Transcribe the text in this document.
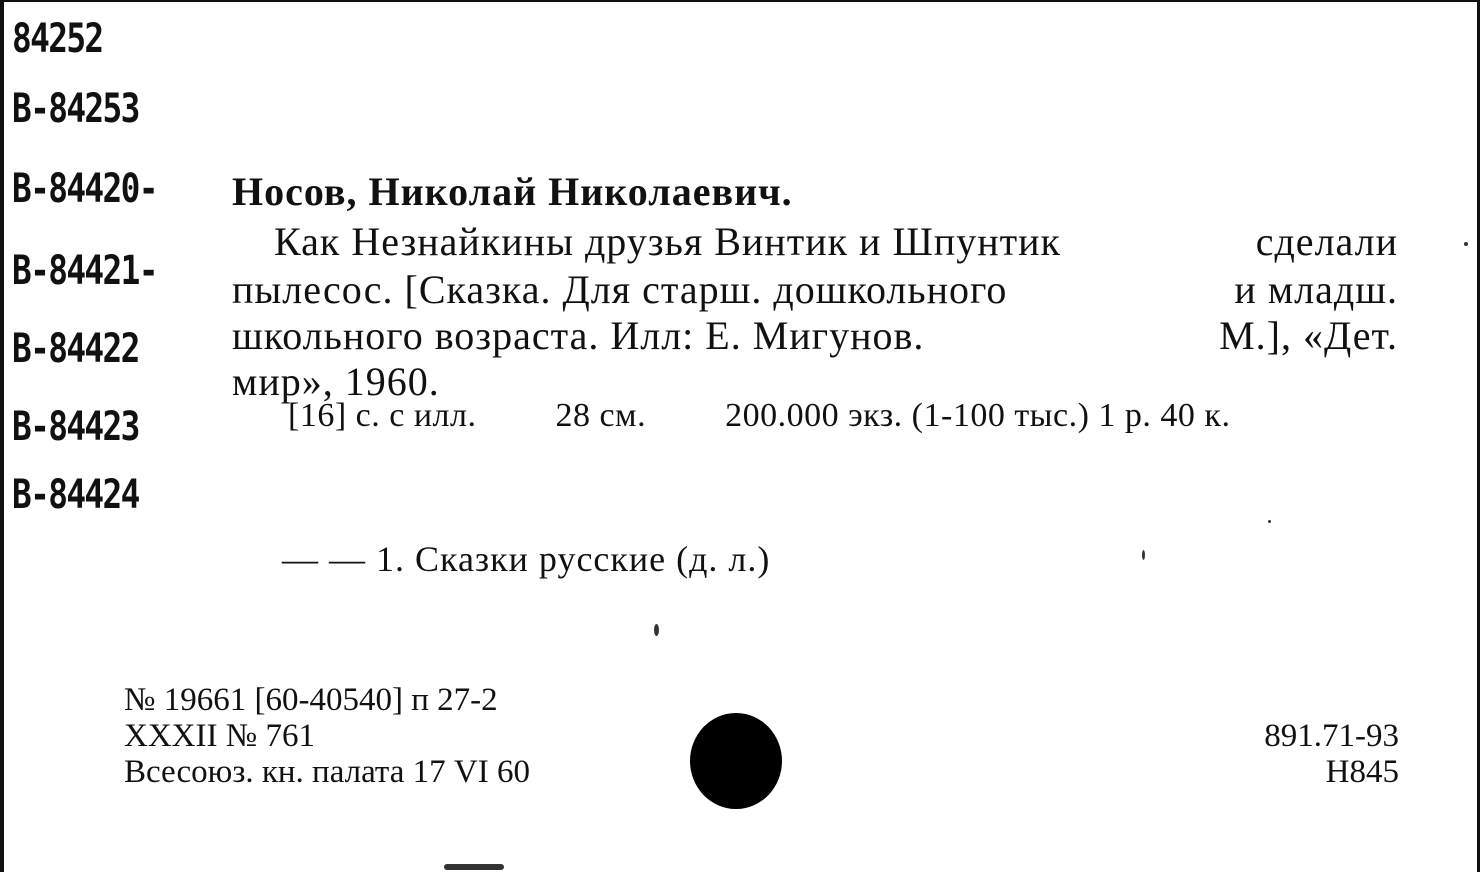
84252
B-84253
B-84420-
B-84421-
B-84422
B-84423
B-84424
Носов, Николай Николаевич.
Как Незнайкины друзья Винтик и Шпунтик	сделали
пылесос. [Сказка. Для старш. дошкольного	и младш.
школьного возраста. Илл: Е. Мигунов.	М.], «Дет.
мир», 1960.
[16] с. с илл. 28 см. 200.000 экз. (1-100 тыс.) 1 р. 40 к.
— — 1. Сказки русские (д. л.)
№ 19661 [60-40540] п 27-2
XXXII № 761
Всесоюз. кн. палата 17 VI 60
891.71-93
Н845
